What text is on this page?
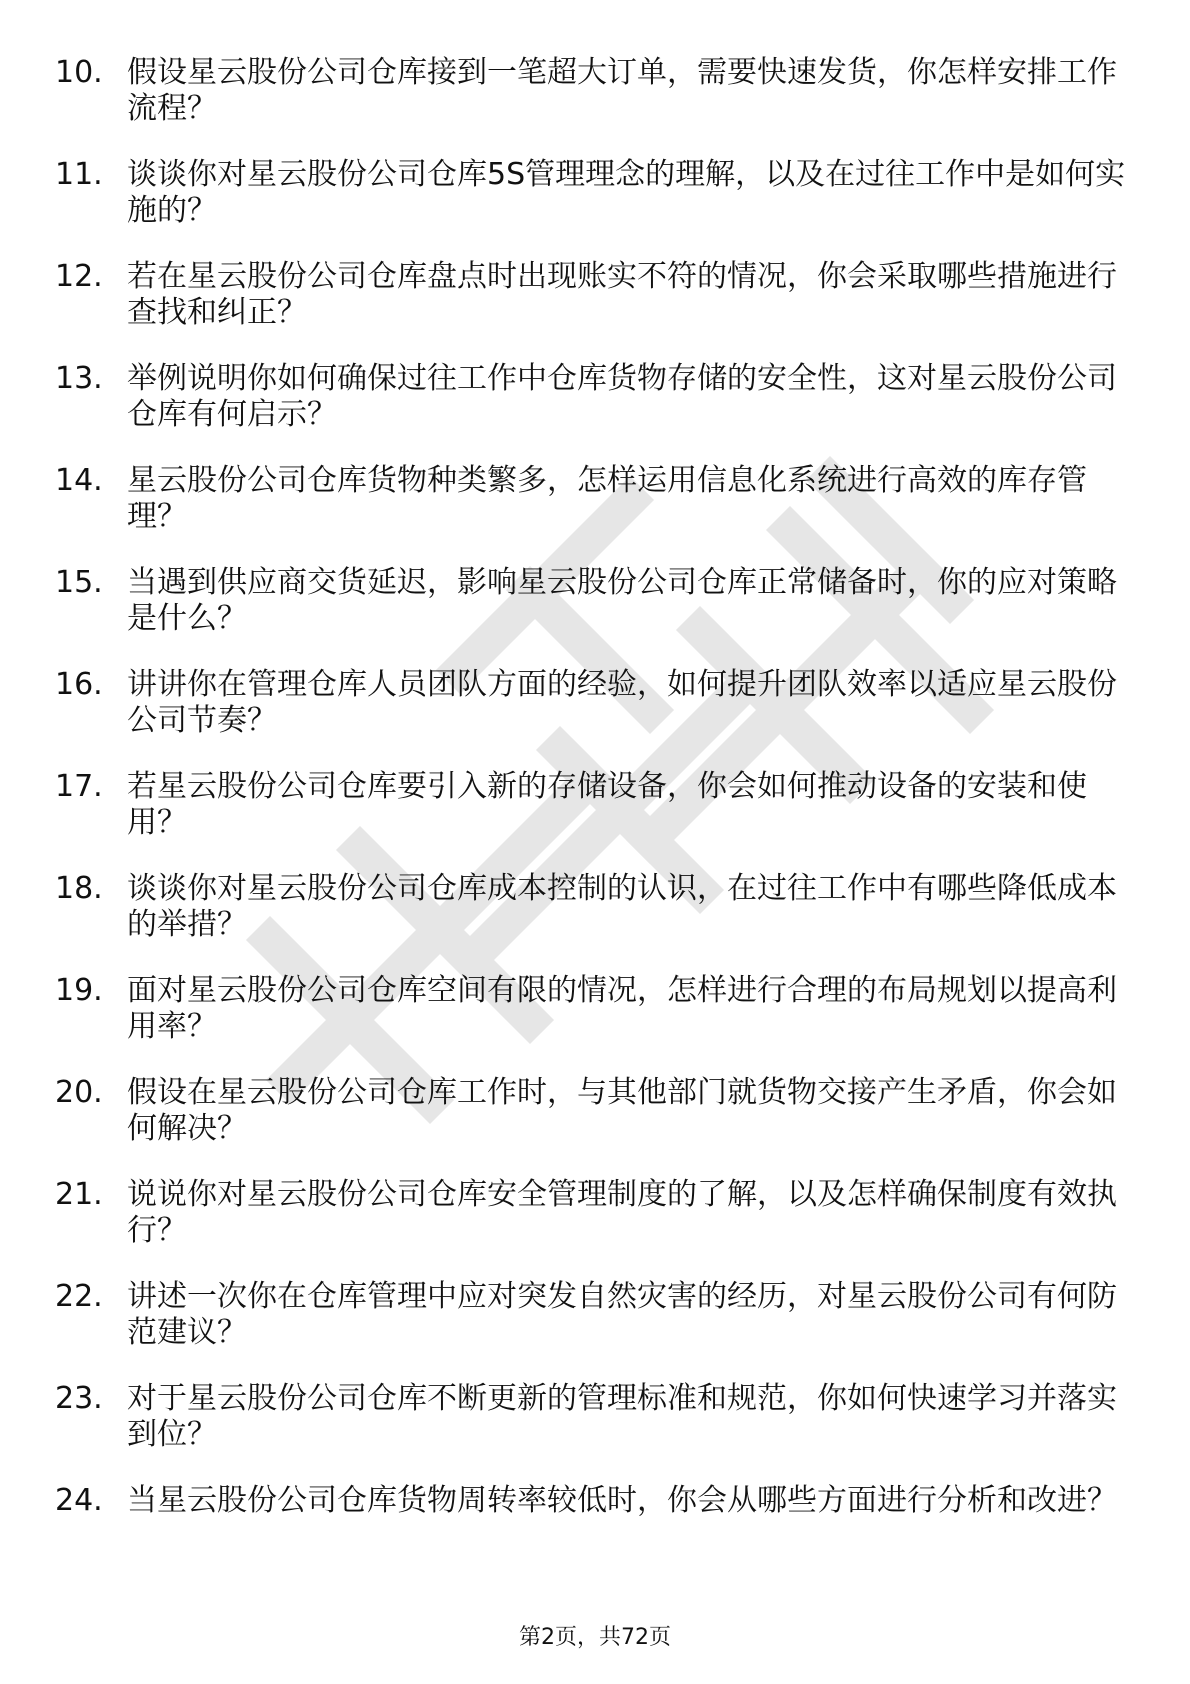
10. 假设星云股份公司仓库接到一笔超大订单，需要快速发货，你怎样安排工作流程？
11. 谈谈你对星云股份公司仓库5S管理理念的理解，以及在过往工作中是如何实施的？
12. 若在星云股份公司仓库盘点时出现账实不符的情况，你会采取哪些措施进行查找和纠正？
13. 举例说明你如何确保过往工作中仓库货物存储的安全性，这对星云股份公司仓库有何启示？
14. 星云股份公司仓库货物种类繁多，怎样运用信息化系统进行高效的库存管理？
15. 当遇到供应商交货延迟，影响星云股份公司仓库正常储备时，你的应对策略是什么？
16. 讲讲你在管理仓库人员团队方面的经验，如何提升团队效率以适应星云股份公司节奏？
17. 若星云股份公司仓库要引入新的存储设备，你会如何推动设备的安装和使用？
18. 谈谈你对星云股份公司仓库成本控制的认识，在过往工作中有哪些降低成本的举措？
19. 面对星云股份公司仓库空间有限的情况，怎样进行合理的布局规划以提高利用率？
20. 假设在星云股份公司仓库工作时，与其他部门就货物交接产生矛盾，你会如何解决？
21. 说说你对星云股份公司仓库安全管理制度的了解，以及怎样确保制度有效执行？
22. 讲述一次你在仓库管理中应对突发自然灾害的经历，对星云股份公司有何防范建议？
23. 对于星云股份公司仓库不断更新的管理标准和规范，你如何快速学习并落实到位？
24. 当星云股份公司仓库货物周转率较低时，你会从哪些方面进行分析和改进？
第2页，共72页
